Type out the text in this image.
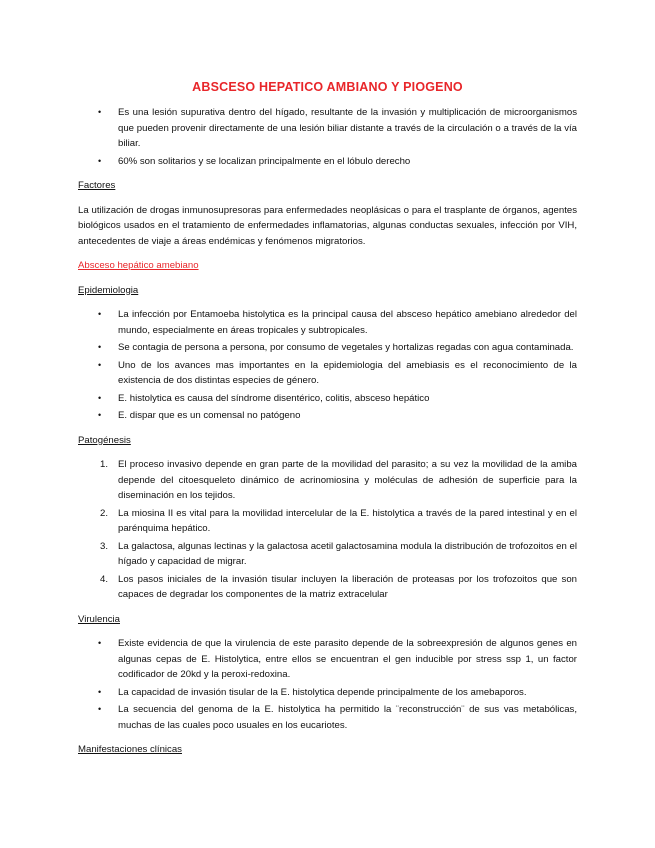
ABSCESO HEPATICO AMBIANO Y PIOGENO
• Es una lesión supurativa dentro del hígado, resultante de la invasión y multiplicación de microorganismos que pueden provenir directamente de una lesión biliar distante a través de la circulación o a través de la vía biliar.
• 60% son solitarios y se localizan principalmente en el lóbulo derecho
Factores

La utilización de drogas inmunosupresoras para enfermedades neoplásicas o para el trasplante de órganos, agentes biológicos usados en el tratamiento de enfermedades inflamatorias, algunas conductas sexuales, infección por VIH, antecedentes de viaje a áreas endémicas y fenómenos migratorios.

Absceso hepático amebiano
Epidemiologia
• La infección por Entamoeba histolytica es la principal causa del absceso hepático amebiano alrededor del mundo, especialmente en áreas tropicales y subtropicales.
• Se contagia de persona a persona, por consumo de vegetales y hortalizas regadas con agua contaminada.
• Uno de los avances mas importantes en la epidemiologia del amebiasis es el reconocimiento de la existencia de dos distintas especies de género.
• E. histolytica es causa del síndrome disentérico, colitis, absceso hepático
• E. dispar que es un comensal no patógeno
Patogénesis
1. El proceso invasivo depende en gran parte de la movilidad del parasito; a su vez la movilidad de la amiba depende del citoesqueleto dinámico de acrinomiosina y moléculas de adhesión de superficie para la diseminación en los tejidos.
2. La miosina II es vital para la movilidad intercelular de la E. histolytica a través de la pared intestinal y en el parénquima hepático.
3. La galactosa, algunas lectinas y la galactosa acetil galactosamina modula la distribución de trofozoitos en el hígado y capacidad de migrar.
4. Los pasos iniciales de la invasión tisular incluyen la liberación de proteasas por los trofozoitos que son capaces de degradar los componentes de la matriz extracelular
Virulencia
• Existe evidencia de que la virulencia de este parasito depende de la sobreexpresión de algunos genes en algunas cepas de E. Histolytica, entre ellos se encuentran el gen inducible por stress ssp 1, un factor codificador de 20kd y la peroxi-redoxina.
• La capacidad de invasión tisular de la E. histolytica depende principalmente de los amebaporos.
• La secuencia del genoma de la E. histolytica ha permitido la ¨reconstrucción¨ de sus vas metabólicas, muchas de las cuales poco usuales en los eucariotes.
Manifestaciones clínicas
